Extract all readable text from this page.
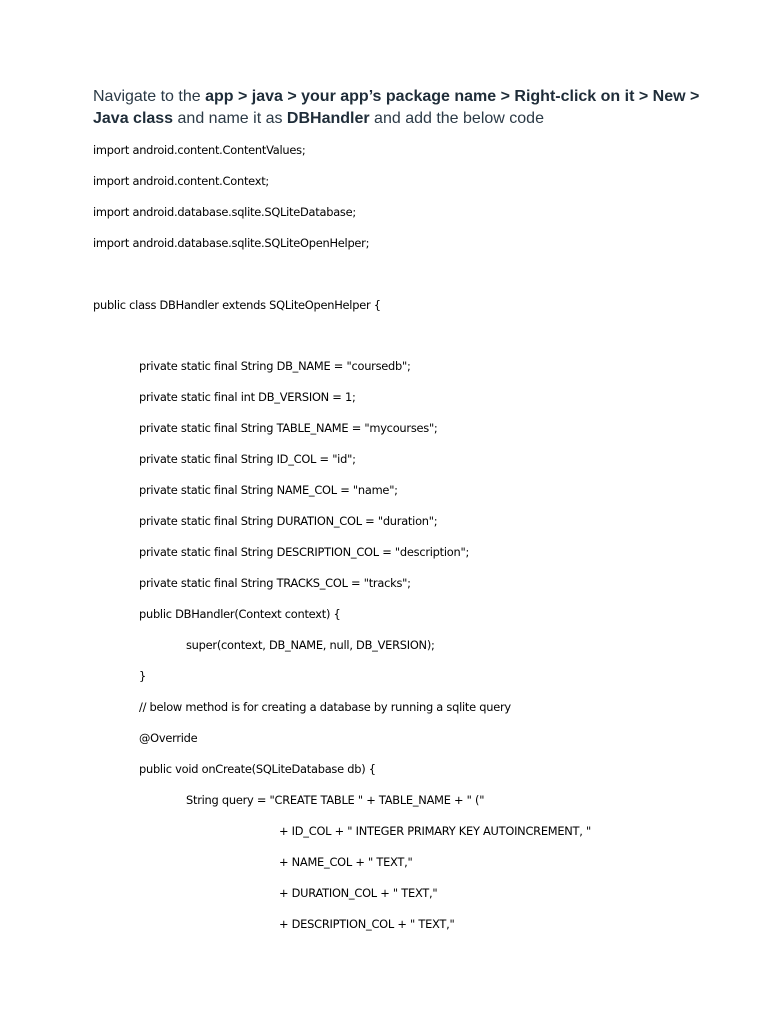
Navigate to the app > java > your app’s package name > Right-click on it > New > Java class and name it as DBHandler and add the below code
import android.content.ContentValues;
import android.content.Context;
import android.database.sqlite.SQLiteDatabase;
import android.database.sqlite.SQLiteOpenHelper;
public class DBHandler extends SQLiteOpenHelper {
private static final String DB_NAME = "coursedb";
private static final int DB_VERSION = 1;
private static final String TABLE_NAME = "mycourses";
private static final String ID_COL = "id";
private static final String NAME_COL = "name";
private static final String DURATION_COL = "duration";
private static final String DESCRIPTION_COL = "description";
private static final String TRACKS_COL = "tracks";
public DBHandler(Context context) {
super(context, DB_NAME, null, DB_VERSION);
}
// below method is for creating a database by running a sqlite query
@Override
public void onCreate(SQLiteDatabase db) {
String query = "CREATE TABLE " + TABLE_NAME + " ("
+ ID_COL + " INTEGER PRIMARY KEY AUTOINCREMENT, "
+ NAME_COL + " TEXT,"
+ DURATION_COL + " TEXT,"
+ DESCRIPTION_COL + " TEXT,"
